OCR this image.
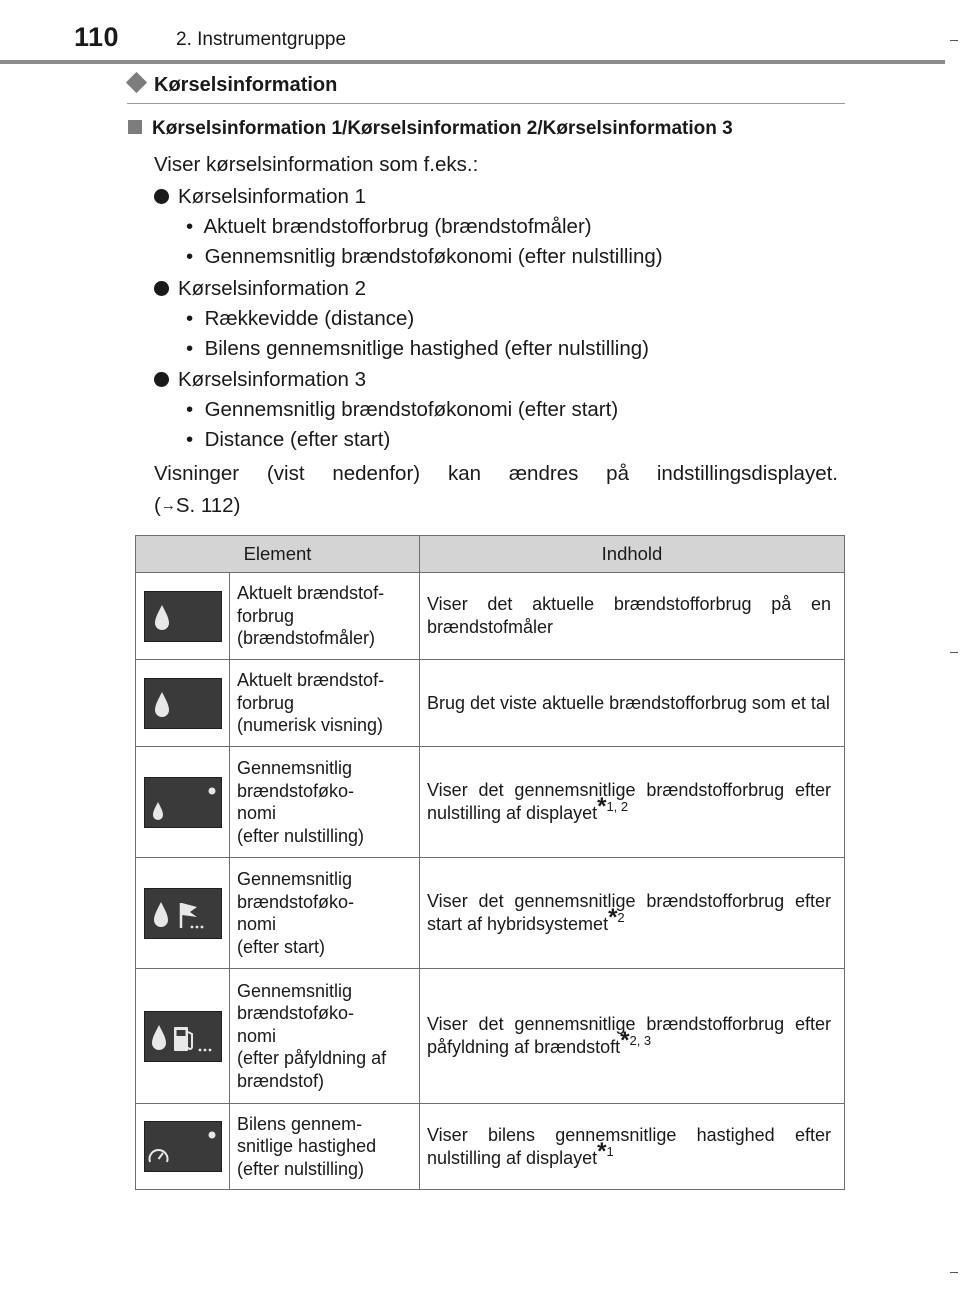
110	2. Instrumentgruppe
Kørselsinformation
Kørselsinformation 1/Kørselsinformation 2/Kørselsinformation 3
Viser kørselsinformation som f.eks.:
Kørselsinformation 1
•  Aktuelt brændstofforbrug (brændstofmåler)
•  Gennemsnitlig brændstoføkonomi (efter nulstilling)
Kørselsinformation 2
•  Rækkevidde (distance)
•  Bilens gennemsnitlige hastighed (efter nulstilling)
Kørselsinformation 3
•  Gennemsnitlig brændstoføkonomi (efter start)
•  Distance (efter start)
Visninger (vist nedenfor) kan ændres på indstillingsdisplayet.
(→S. 112)
Element		Indhold

	Aktuelt brændstof-
forbrug
(brændstofmåler)	Viser det aktuelle brændstofforbrug på en brændstofmåler

	Aktuelt brændstof-
forbrug
(numerisk visning)	Brug det viste aktuelle brændstofforbrug som et tal

	Gennemsnitlig
brændstoføko-
nomi
(efter nulstilling)	Viser det gennemsnitlige brændstofforbrug efter nulstilling af displayet*$^{1, 2}$

	Gennemsnitlig
brændstoføko-
nomi
(efter start)	Viser det gennemsnitlige brændstofforbrug efter start af hybridsystemet*$^2$

	Gennemsnitlig
brændstoføko-
nomi
(efter påfyldning af
brændstof)	Viser det gennemsnitlige brændstofforbrug efter påfyldning af brændstoft*$^{2, 3}$

	Bilens gennem-
snitlige hastighed
(efter nulstilling)	Viser bilens gennemsnitlige hastighed efter nulstilling af displayet*$^1$
